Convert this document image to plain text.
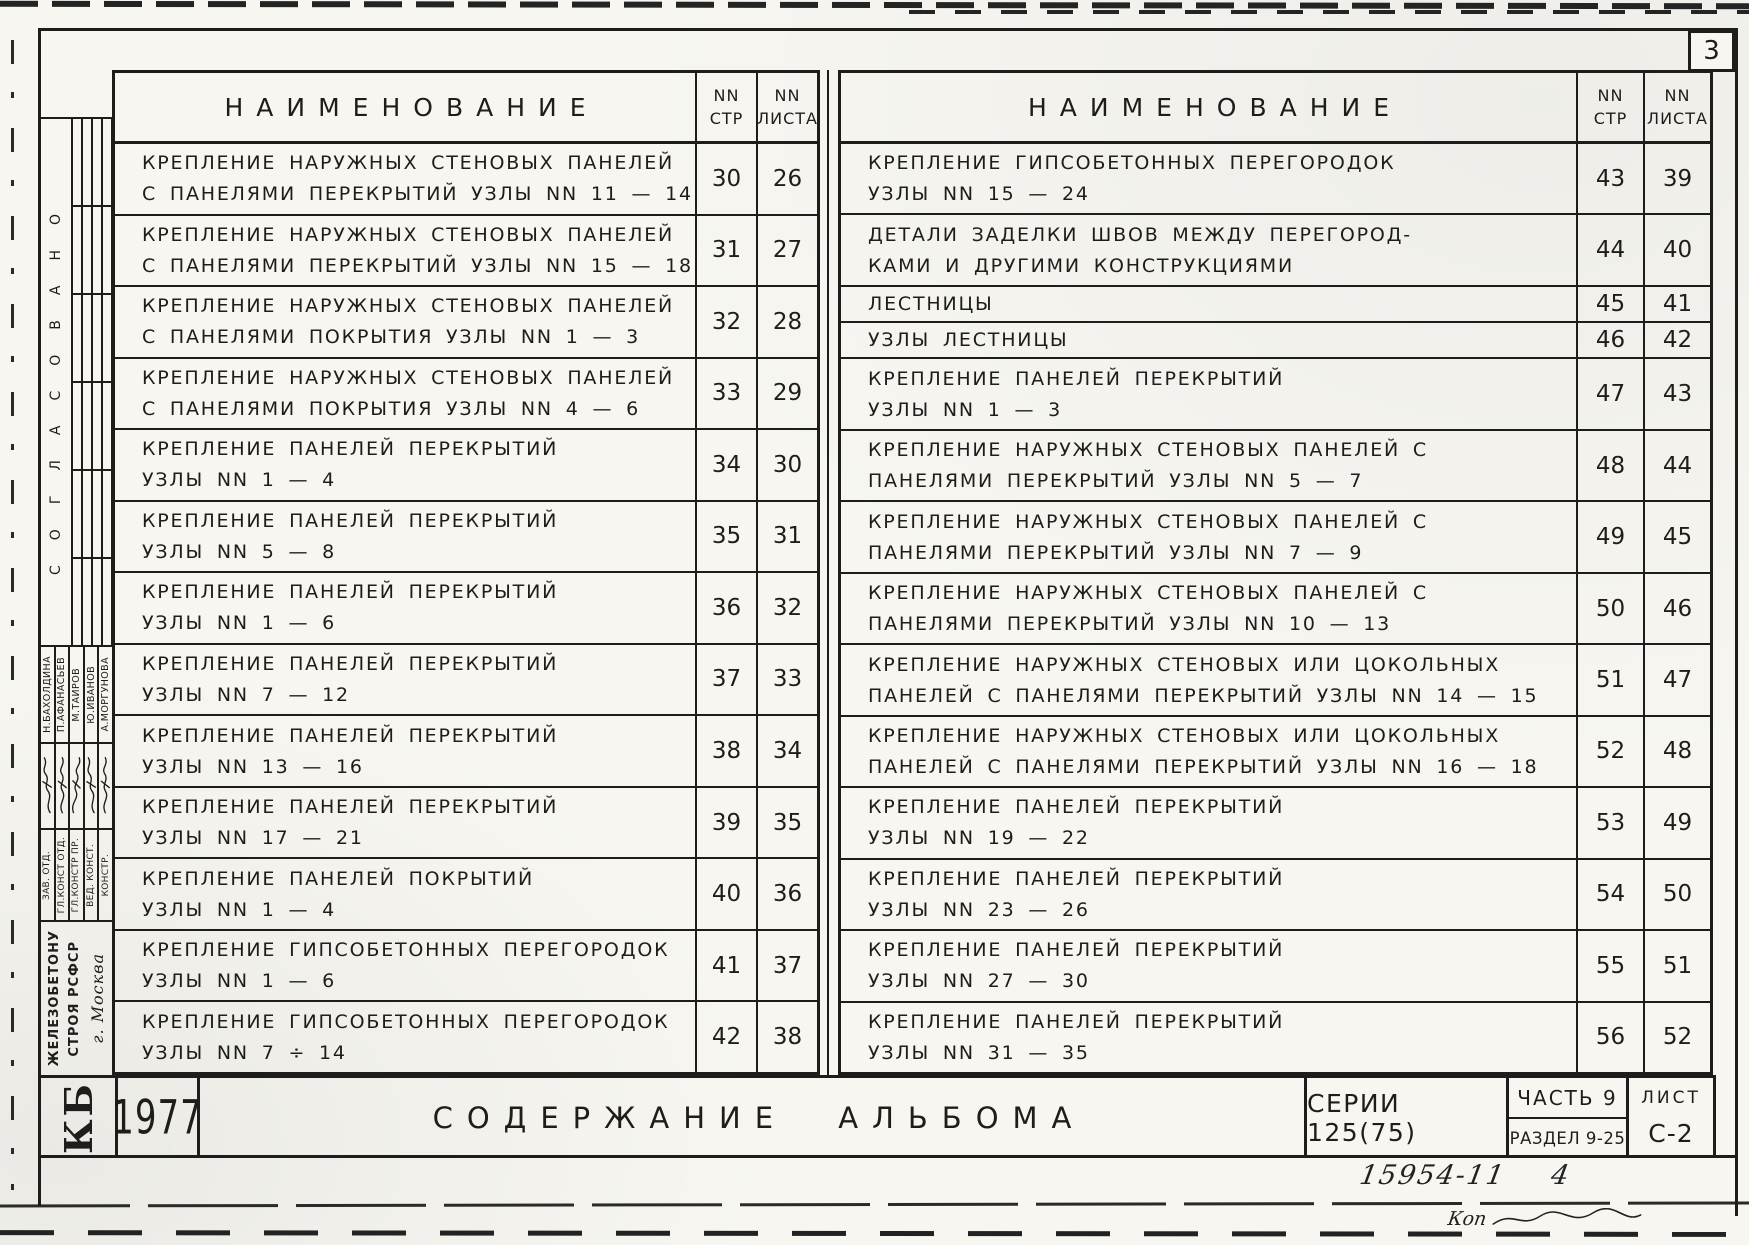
3
СОГЛАСОВАНО
Н.БАХОЛДИНА П.АФАНАСЬЕВ М.ТАИРОВ Ю.ИВАНОВ А.МОРГУНОВА
ЗАВ. ОТД. ГЛ.КОНСТ ОТД. ГЛ.КОНСТР ПР. ВЕД. КОНСТ. КОНСТР.
ЖЕЛЕЗОБЕТОНУ СТРОЯ РСФСР г. Москва
НАИМЕНОВАНИЕ	NN
СТР
NN
ЛИСТА
КРЕПЛЕНИЕ НАРУЖНЫХ СТЕНОВЫХ ПАНЕЛЕЙ
С ПАНЕЛЯМИ ПЕРЕКРЫТИЙ УЗЛЫ NN 11 — 14
30	26
КРЕПЛЕНИЕ НАРУЖНЫХ СТЕНОВЫХ ПАНЕЛЕЙ
С ПАНЕЛЯМИ ПЕРЕКРЫТИЙ УЗЛЫ NN 15 — 18
31	27
КРЕПЛЕНИЕ НАРУЖНЫХ СТЕНОВЫХ ПАНЕЛЕЙ
С ПАНЕЛЯМИ ПОКРЫТИЯ УЗЛЫ NN 1 — 3
32	28
КРЕПЛЕНИЕ НАРУЖНЫХ СТЕНОВЫХ ПАНЕЛЕЙ
С ПАНЕЛЯМИ ПОКРЫТИЯ УЗЛЫ NN 4 — 6
33	29
КРЕПЛЕНИЕ ПАНЕЛЕЙ ПЕРЕКРЫТИЙ
УЗЛЫ NN 1 — 4
34	30
КРЕПЛЕНИЕ ПАНЕЛЕЙ ПЕРЕКРЫТИЙ
УЗЛЫ NN 5 — 8
35	31
КРЕПЛЕНИЕ ПАНЕЛЕЙ ПЕРЕКРЫТИЙ
УЗЛЫ NN 1 — 6
36	32
КРЕПЛЕНИЕ ПАНЕЛЕЙ ПЕРЕКРЫТИЙ
УЗЛЫ NN 7 — 12
37	33
КРЕПЛЕНИЕ ПАНЕЛЕЙ ПЕРЕКРЫТИЙ
УЗЛЫ NN 13 — 16
38	34
КРЕПЛЕНИЕ ПАНЕЛЕЙ ПЕРЕКРЫТИЙ
УЗЛЫ NN 17 — 21
39	35
КРЕПЛЕНИЕ ПАНЕЛЕЙ ПОКРЫТИЙ
УЗЛЫ NN 1 — 4
40	36
КРЕПЛЕНИЕ ГИПСОБЕТОННЫХ ПЕРЕГОРОДОК
УЗЛЫ NN 1 — 6
41	37
КРЕПЛЕНИЕ ГИПСОБЕТОННЫХ ПЕРЕГОРОДОК
УЗЛЫ NN 7 ÷ 14
42	38
НАИМЕНОВАНИЕ	NN
СТР
NN
ЛИСТА
КРЕПЛЕНИЕ ГИПСОБЕТОННЫХ ПЕРЕГОРОДОК
УЗЛЫ NN 15 — 24
43	39
ДЕТАЛИ ЗАДЕЛКИ ШВОВ МЕЖДУ ПЕРЕГОРОД-
КАМИ И ДРУГИМИ КОНСТРУКЦИЯМИ
44	40
ЛЕСТНИЦЫ	45	41
УЗЛЫ ЛЕСТНИЦЫ	46	42
КРЕПЛЕНИЕ ПАНЕЛЕЙ ПЕРЕКРЫТИЙ
УЗЛЫ NN 1 — 3
47	43
КРЕПЛЕНИЕ НАРУЖНЫХ СТЕНОВЫХ ПАНЕЛЕЙ С
ПАНЕЛЯМИ ПЕРЕКРЫТИЙ УЗЛЫ NN 5 — 7
48	44
КРЕПЛЕНИЕ НАРУЖНЫХ СТЕНОВЫХ ПАНЕЛЕЙ С
ПАНЕЛЯМИ ПЕРЕКРЫТИЙ УЗЛЫ NN 7 — 9
49	45
КРЕПЛЕНИЕ НАРУЖНЫХ СТЕНОВЫХ ПАНЕЛЕЙ С
ПАНЕЛЯМИ ПЕРЕКРЫТИЙ УЗЛЫ NN 10 — 13
50	46
КРЕПЛЕНИЕ НАРУЖНЫХ СТЕНОВЫХ ИЛИ ЦОКОЛЬНЫХ
ПАНЕЛЕЙ С ПАНЕЛЯМИ ПЕРЕКРЫТИЙ УЗЛЫ NN 14 — 15
51	47
КРЕПЛЕНИЕ НАРУЖНЫХ СТЕНОВЫХ ИЛИ ЦОКОЛЬНЫХ
ПАНЕЛЕЙ С ПАНЕЛЯМИ ПЕРЕКРЫТИЙ УЗЛЫ NN 16 — 18
52	48
КРЕПЛЕНИЕ ПАНЕЛЕЙ ПЕРЕКРЫТИЙ
УЗЛЫ NN 19 — 22
53	49
КРЕПЛЕНИЕ ПАНЕЛЕЙ ПЕРЕКРЫТИЙ
УЗЛЫ NN 23 — 26
54	50
КРЕПЛЕНИЕ ПАНЕЛЕЙ ПЕРЕКРЫТИЙ
УЗЛЫ NN 27 — 30
55	51
КРЕПЛЕНИЕ ПАНЕЛЕЙ ПЕРЕКРЫТИЙ
УЗЛЫ NN 31 — 35
56	52
КБ 1977	СОДЕРЖАНИЕ АЛЬБОМА	СЕРИИ 125(75)
ЧАСТЬ 9
РАЗДЕЛ 9-25
ЛИСТ
С-2
15954-11 4
Коп
